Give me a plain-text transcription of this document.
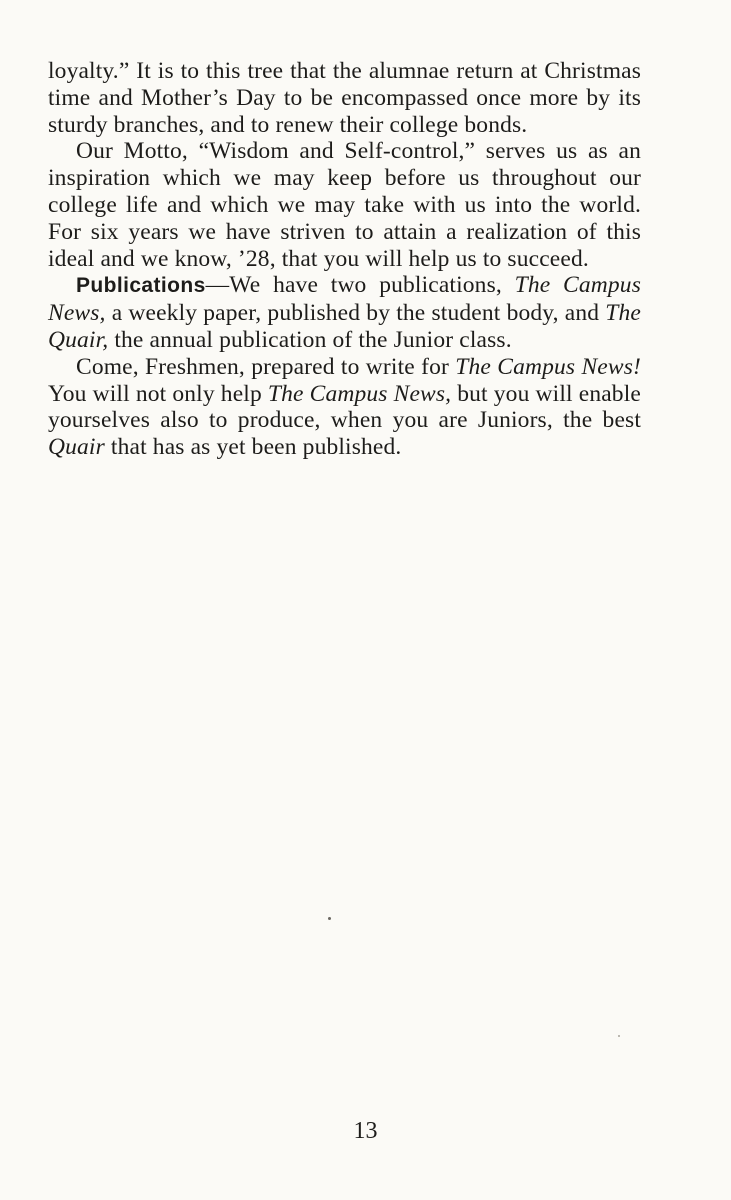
loyalty.” It is to this tree that the alumnae return at Christmas time and Mother’s Day to be encompassed once more by its sturdy branches, and to renew their college bonds.

Our Motto, “Wisdom and Self-control,” serves us as an inspiration which we may keep before us throughout our college life and which we may take with us into the world. For six years we have striven to attain a realization of this ideal and we know, ’28, that you will help us to succeed.

Publications—We have two publications, The Campus News, a weekly paper, published by the student body, and The Quair, the annual publication of the Junior class.

Come, Freshmen, prepared to write for The Campus News! You will not only help The Campus News, but you will enable yourselves also to produce, when you are Juniors, the best Quair that has as yet been published.

13
